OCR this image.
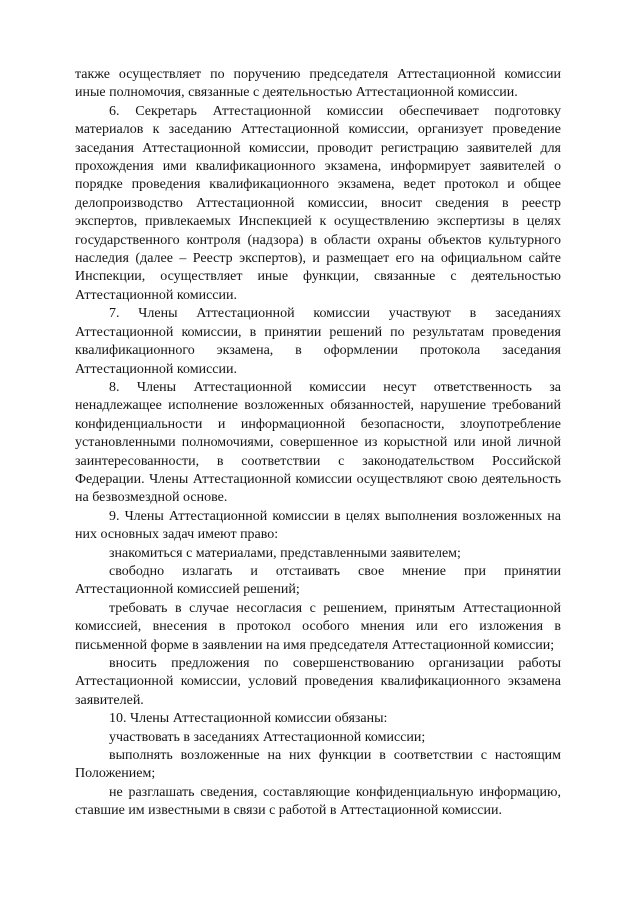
также осуществляет по поручению председателя Аттестационной комиссии иные полномочия, связанные с деятельностью Аттестационной комиссии.

6. Секретарь Аттестационной комиссии обеспечивает подготовку материалов к заседанию Аттестационной комиссии, организует проведение заседания Аттестационной комиссии, проводит регистрацию заявителей для прохождения ими квалификационного экзамена, информирует заявителей о порядке проведения квалификационного экзамена, ведет протокол и общее делопроизводство Аттестационной комиссии, вносит сведения в реестр экспертов, привлекаемых Инспекцией к осуществлению экспертизы в целях государственного контроля (надзора) в области охраны объектов культурного наследия (далее – Реестр экспертов), и размещает его на официальном сайте Инспекции, осуществляет иные функции, связанные с деятельностью Аттестационной комиссии.

7. Члены Аттестационной комиссии участвуют в заседаниях Аттестационной комиссии, в принятии решений по результатам проведения квалификационного экзамена, в оформлении протокола заседания Аттестационной комиссии.

8. Члены Аттестационной комиссии несут ответственность за ненадлежащее исполнение возложенных обязанностей, нарушение требований конфиденциальности и информационной безопасности, злоупотребление установленными полномочиями, совершенное из корыстной или иной личной заинтересованности, в соответствии с законодательством Российской Федерации. Члены Аттестационной комиссии осуществляют свою деятельность на безвозмездной основе.

9. Члены Аттестационной комиссии в целях выполнения возложенных на них основных задач имеют право:

знакомиться с материалами, представленными заявителем;

свободно излагать и отстаивать свое мнение при принятии Аттестационной комиссией решений;

требовать в случае несогласия с решением, принятым Аттестационной комиссией, внесения в протокол особого мнения или его изложения в письменной форме в заявлении на имя председателя Аттестационной комиссии;

вносить предложения по совершенствованию организации работы Аттестационной комиссии, условий проведения квалификационного экзамена заявителей.

10. Члены Аттестационной комиссии обязаны:

участвовать в заседаниях Аттестационной комиссии;

выполнять возложенные на них функции в соответствии с настоящим Положением;

не разглашать сведения, составляющие конфиденциальную информацию, ставшие им известными в связи с работой в Аттестационной комиссии.
